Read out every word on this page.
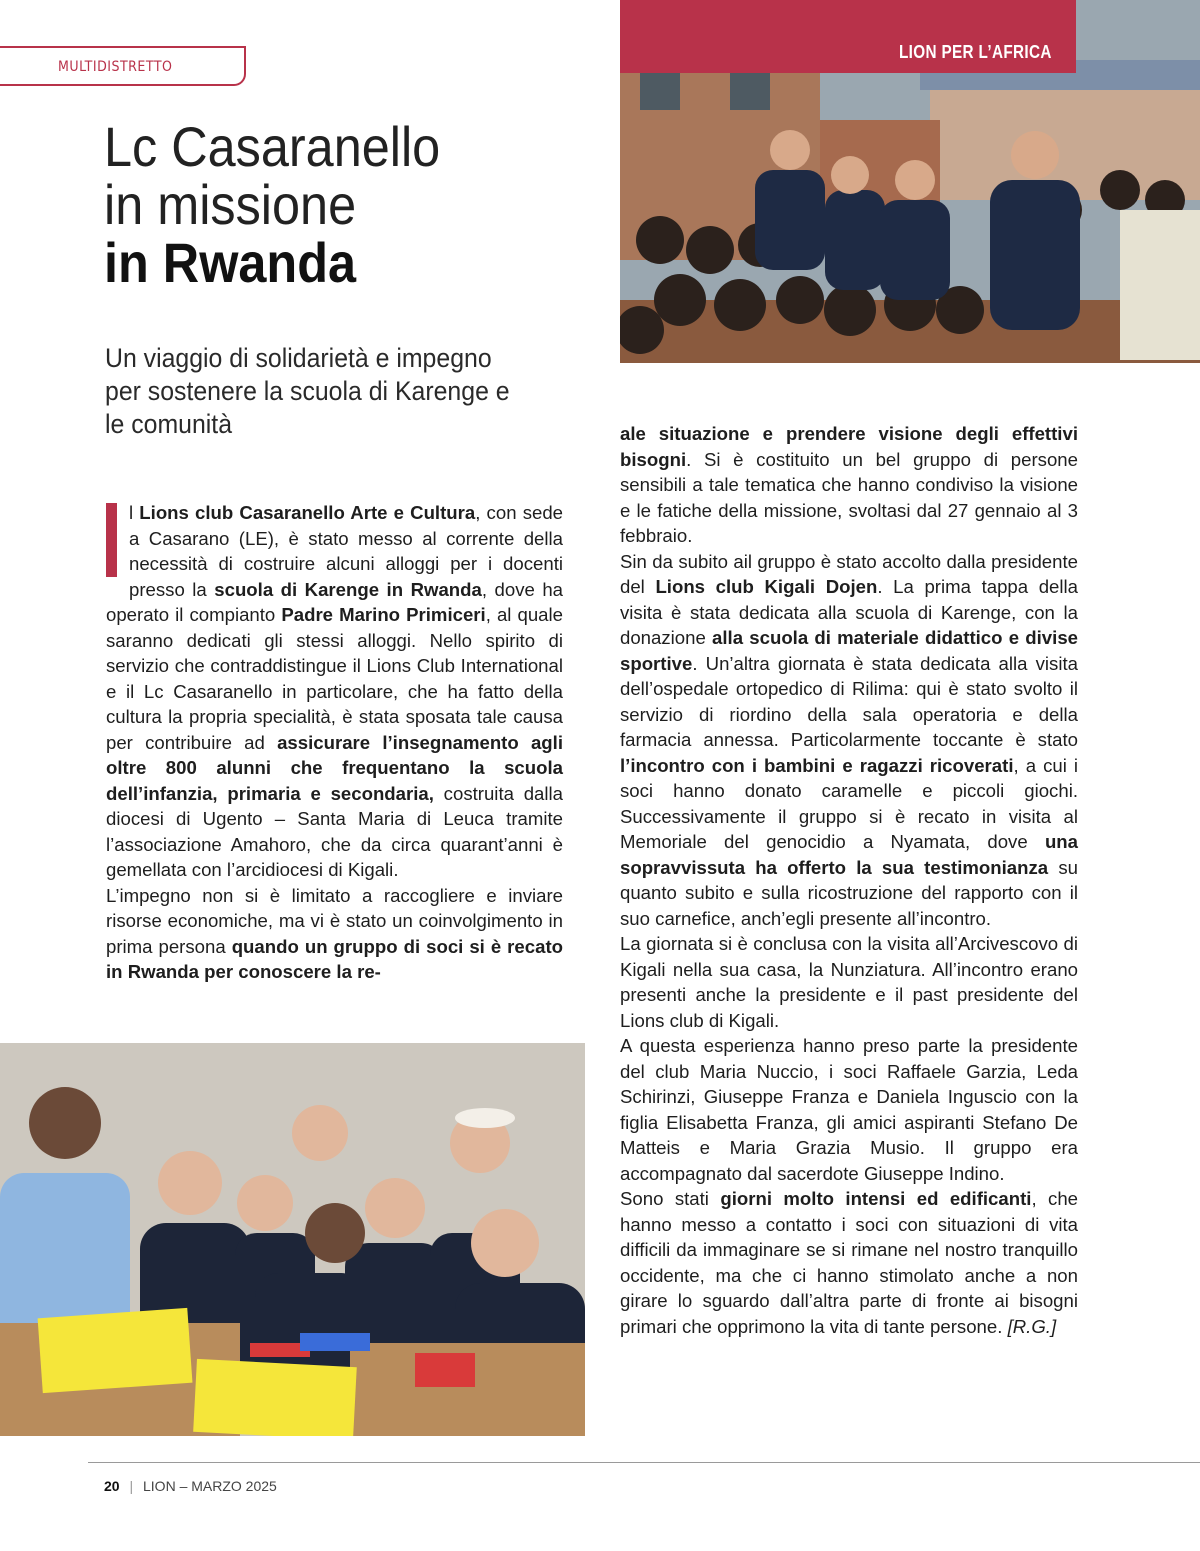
MULTIDISTRETTO
Lc Casaranello
in missione
in Rwanda
Un viaggio di solidarietà e impegno per sostenere la scuola di Karenge e le comunità

l Lions club Casaranello Arte e Cultura, con sede a Casarano (LE), è stato messo al corrente della necessità di costruire alcuni alloggi per i docenti presso la scuola di Karenge in Rwanda, dove ha operato il compianto Padre Marino Primiceri, al quale saranno dedicati gli stessi alloggi. Nello spirito di servizio che contraddistingue il Lions Club International e il Lc Casaranello in particolare, che ha fatto della cultura la propria specialità, è stata sposata tale causa per contribuire ad assicurare l’insegnamento agli oltre 800 alunni che frequentano la scuola dell’infanzia, primaria e secondaria, costruita dalla diocesi di Ugento – Santa Maria di Leuca tramite l’associazione Amahoro, che da circa quarant’anni è gemellata con l’arcidiocesi di Kigali.

L’impegno non si è limitato a raccogliere e inviare risorse economiche, ma vi è stato un coinvolgimento in prima persona quando un gruppo di soci si è recato in Rwanda per conoscere la re-

ale situazione e prendere visione degli effettivi bisogni. Si è costituito un bel gruppo di persone sensibili a tale tematica che hanno condiviso la visione e le fatiche della missione, svoltasi dal 27 gennaio al 3 febbraio.

Sin da subito ail gruppo è stato accolto dalla presidente del Lions club Kigali Dojen. La prima tappa della visita è stata dedicata alla scuola di Karenge, con la donazione alla scuola di materiale didattico e divise sportive. Un’altra giornata è stata dedicata alla visita dell’ospedale ortopedico di Rilima: qui è stato svolto il servizio di riordino della sala operatoria e della farmacia annessa. Particolarmente toccante è stato l’incontro con i bambini e ragazzi ricoverati, a cui i soci hanno donato caramelle e piccoli giochi. Successivamente il gruppo si è recato in visita al Memoriale del genocidio a Nyamata, dove una sopravvissuta ha offerto la sua testimonianza su quanto subito e sulla ricostruzione del rapporto con il suo carnefice, anch’egli presente all’incontro.

La giornata si è conclusa con la visita all’Arcivescovo di Kigali nella sua casa, la Nunziatura. All’incontro erano presenti anche la presidente e il past presidente del Lions club di Kigali.

A questa esperienza hanno preso parte la presidente del club Maria Nuccio, i soci Raffaele Garzia, Leda Schirinzi, Giuseppe Franza e Daniela Inguscio con la figlia Elisabetta Franza, gli amici aspiranti Stefano De Matteis e Maria Grazia Musio. Il gruppo era accompagnato dal sacerdote Giuseppe Indino.

Sono stati giorni molto intensi ed edificanti, che hanno messo a contatto i soci con situazioni di vita difficili da immaginare se si rimane nel nostro tranquillo occidente, ma che ci hanno stimolato anche a non girare lo sguardo dall’altra parte di fronte ai bisogni primari che opprimono la vita di tante persone. [R.G.]

LION PER L’AFRICA
20 | LION – MARZO 2025
